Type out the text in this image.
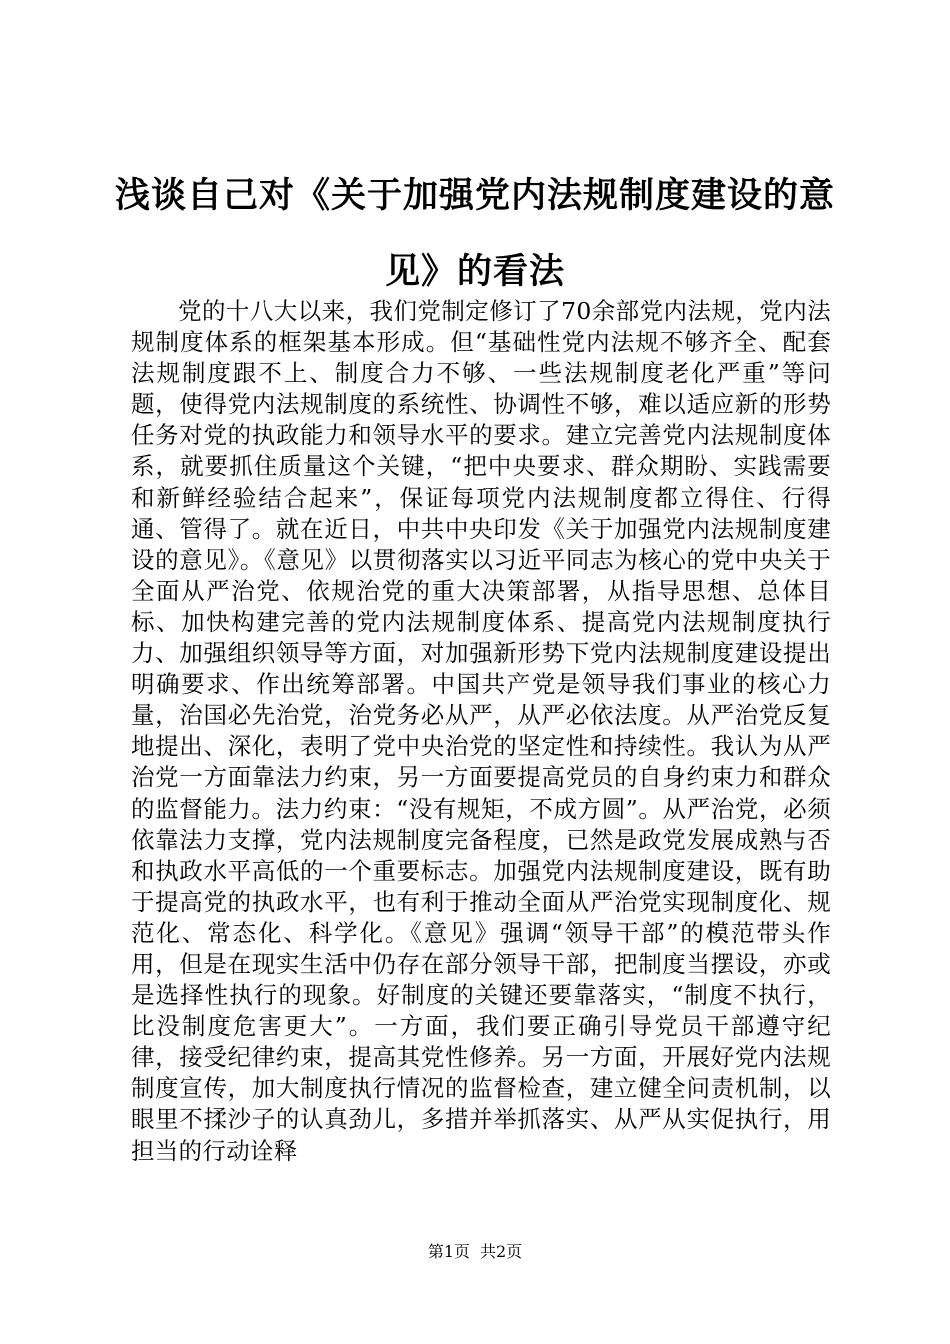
浅谈自己对《关于加强党内法规制度建设的意
见》的看法

党的十八大以来，我们党制定修订了70余部党内法规，党内法规制度体系的框架基本形成。但“基础性党内法规不够齐全、配套法规制度跟不上、制度合力不够、一些法规制度老化严重”等问题，使得党内法规制度的系统性、协调性不够，难以适应新的形势任务对党的执政能力和领导水平的要求。建立完善党内法规制度体系，就要抓住质量这个关键，“把中央要求、群众期盼、实践需要和新鲜经验结合起来”，保证每项党内法规制度都立得住、行得通、管得了。就在近日，中共中央印发《关于加强党内法规制度建设的意见》。《意见》以贯彻落实以习近平同志为核心的党中央关于全面从严治党、依规治党的重大决策部署，从指导思想、总体目标、加快构建完善的党内法规制度体系、提高党内法规制度执行力、加强组织领导等方面，对加强新形势下党内法规制度建设提出明确要求、作出统筹部署。中国共产党是领导我们事业的核心力量，治国必先治党，治党务必从严，从严必依法度。从严治党反复地提出、深化，表明了党中央治党的坚定性和持续性。我认为从严治党一方面靠法力约束，另一方面要提高党员的自身约束力和群众的监督能力。法力约束：“没有规矩，不成方圆”。从严治党，必须依靠法力支撑，党内法规制度完备程度，已然是政党发展成熟与否和执政水平高低的一个重要标志。加强党内法规制度建设，既有助于提高党的执政水平，也有利于推动全面从严治党实现制度化、规范化、常态化、科学化。《意见》强调“领导干部”的模范带头作用，但是在现实生活中仍存在部分领导干部，把制度当摆设，亦或是选择性执行的现象。好制度的关键还要靠落实，“制度不执行，比没制度危害更大”。一方面，我们要正确引导党员干部遵守纪律，接受纪律约束，提高其党性修养。另一方面，开展好党内法规制度宣传，加大制度执行情况的监督检查，建立健全问责机制，以眼里不揉沙子的认真劲儿，多措并举抓落实、从严从实促执行，用担当的行动诠释

第1页 共2页
